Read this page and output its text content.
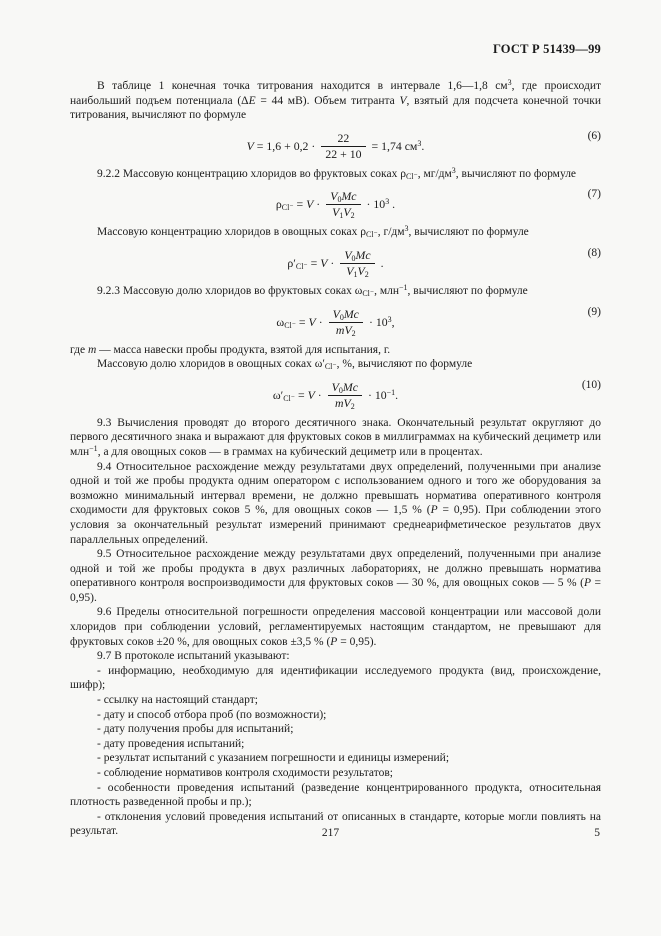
ГОСТ Р 51439—99

В таблице 1 конечная точка титрования находится в интервале 1,6—1,8 $см^3$, где происходит наибольший подъем потенциала (ΔE = 44 мВ). Объем титранта V, взятый для подсчета конечной точки титрования, вычисляют по формуле

$V = 1,6 + 0,2 \cdot \frac{22}{22 + 10} = 1,74$ $см^3$.
(6)

9.2.2 Массовую концентрацию хлоридов во фруктовых соках $\rho_{Cl^-}$, $мг/дм^3$, вычисляют по формуле

$\rho_{Cl^-} = V \cdot \frac{V_0Mc}{V_1V_2} \cdot 10^3$ .
(7)

Массовую концентрацию хлоридов в овощных соках $\rho_{Cl^-}$, $г/дм^3$, вычисляют по формуле

$\rho'_{Cl^-} = V \cdot \frac{V_0Mc}{V_1V_2}$ .
(8)

9.2.3 Массовую долю хлоридов во фруктовых соках $\omega_{Cl^-}$, млн$^{-1}$, вычисляют по формуле

$\omega_{Cl^-} = V \cdot \frac{V_0Mc}{mV_2} \cdot 10^3$,
(9)

где m — масса навески пробы продукта, взятой для испытания, г.

Массовую долю хлоридов в овощных соках $\omega'_{Cl^-}$, %, вычисляют по формуле

$\omega'_{Cl^-} = V \cdot \frac{V_0Mc}{mV_2} \cdot 10^{-1}$.
(10)

9.3 Вычисления проводят до второго десятичного знака. Окончательный результат округляют до первого десятичного знака и выражают для фруктовых соков в миллиграммах на кубический дециметр или млн$^{-1}$, а для овощных соков — в граммах на кубический дециметр или в процентах.

9.4 Относительное расхождение между результатами двух определений, полученными при анализе одной и той же пробы продукта одним оператором с использованием одного и того же оборудования за возможно минимальный интервал времени, не должно превышать норматива оперативного контроля сходимости для фруктовых соков 5 %, для овощных соков — 1,5 % (P = 0,95). При соблюдении этого условия за окончательный результат измерений принимают среднеарифметическое результатов двух параллельных определений.

9.5 Относительное расхождение между результатами двух определений, полученными при анализе одной и той же пробы продукта в двух различных лабораториях, не должно превышать норматива оперативного контроля воспроизводимости для фруктовых соков — 30 %, для овощных соков — 5 % (P = 0,95).

9.6 Пределы относительной погрешности определения массовой концентрации или массовой доли хлоридов при соблюдении условий, регламентируемых настоящим стандартом, не превышают для фруктовых соков ±20 %, для овощных соков ±3,5 % (P = 0,95).

9.7 В протоколе испытаний указывают:

- информацию, необходимую для идентификации исследуемого продукта (вид, происхождение, шифр);

- ссылку на настоящий стандарт;

- дату и способ отбора проб (по возможности);

- дату получения пробы для испытаний;

- дату проведения испытаний;

- результат испытаний с указанием погрешности и единицы измерений;

- соблюдение нормативов контроля сходимости результатов;

- особенности проведения испытаний (разведение концентрированного продукта, относительная плотность разведенной пробы и пр.);

- отклонения условий проведения испытаний от описанных в стандарте, которые могли повлиять на результат.	217	5
